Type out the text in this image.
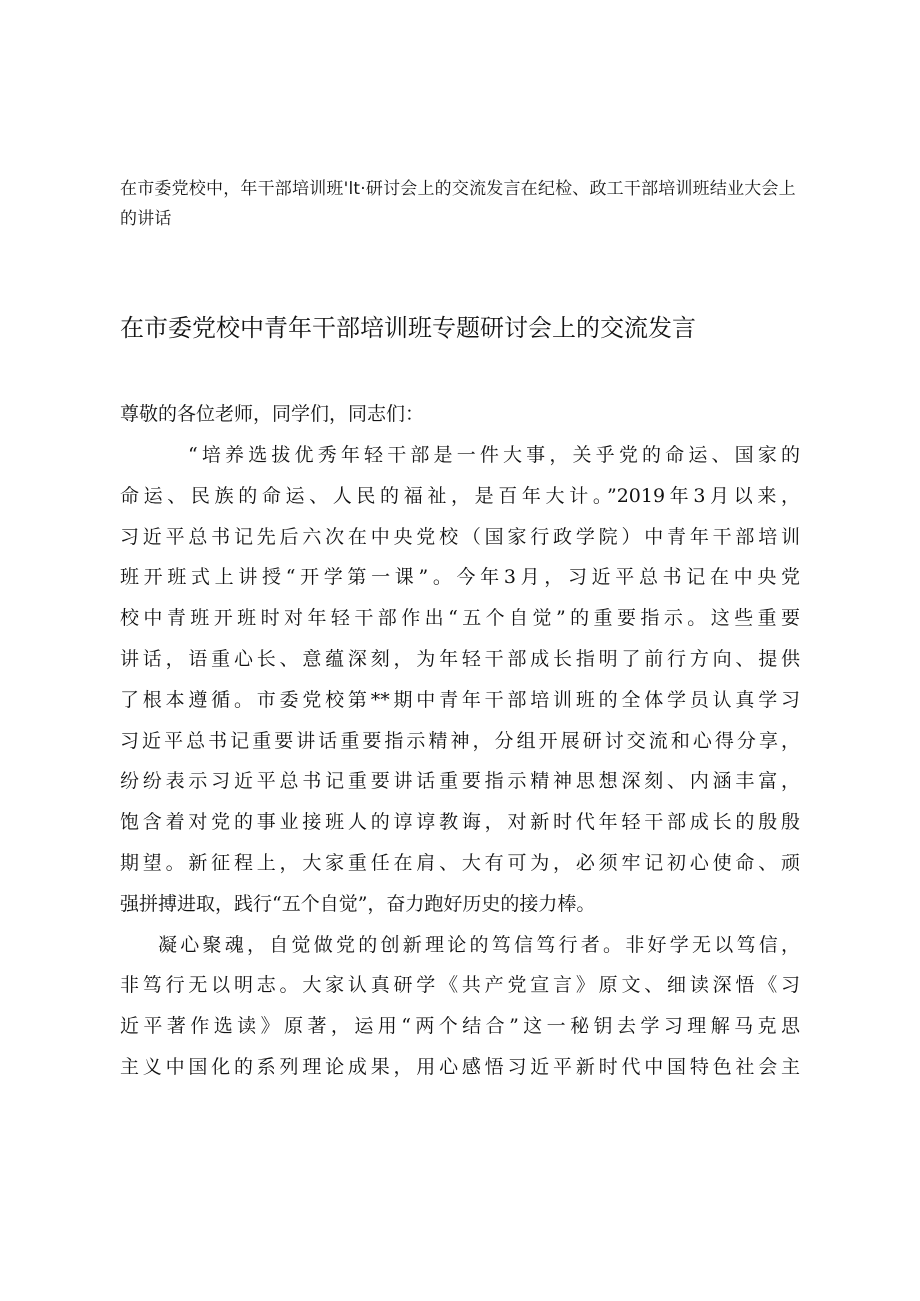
在市委党校中，年干部培训班'lt·研讨会上的交流发言在纪检、政工干部培训班结业大会上的讲话
在市委党校中青年干部培训班专题研讨会上的交流发言
尊敬的各位老师，同学们，同志们：
“培养选拔优秀年轻干部是一件大事，关乎党的命运、国家的
命运、民族的命运、人民的福祉，是百年大计。”2019年3月以来，
习近平总书记先后六次在中央党校（国家行政学院）中青年干部培训
班开班式上讲授“开学第一课”。今年3月，习近平总书记在中央党
校中青班开班时对年轻干部作出“五个自觉”的重要指示。这些重要
讲话，语重心长、意蕴深刻，为年轻干部成长指明了前行方向、提供
了根本遵循。市委党校第**期中青年干部培训班的全体学员认真学习
习近平总书记重要讲话重要指示精神，分组开展研讨交流和心得分享，
纷纷表示习近平总书记重要讲话重要指示精神思想深刻、内涵丰富，
饱含着对党的事业接班人的谆谆教诲，对新时代年轻干部成长的殷殷
期望。新征程上，大家重任在肩、大有可为，必须牢记初心使命、顽
强拼搏进取，践行“五个自觉”，奋力跑好历史的接力棒。
凝心聚魂，自觉做党的创新理论的笃信笃行者。非好学无以笃信，
非笃行无以明志。大家认真研学《共产党宣言》原文、细读深悟《习
近平著作选读》原著，运用“两个结合”这一秘钥去学习理解马克思
主义中国化的系列理论成果，用心感悟习近平新时代中国特色社会主
